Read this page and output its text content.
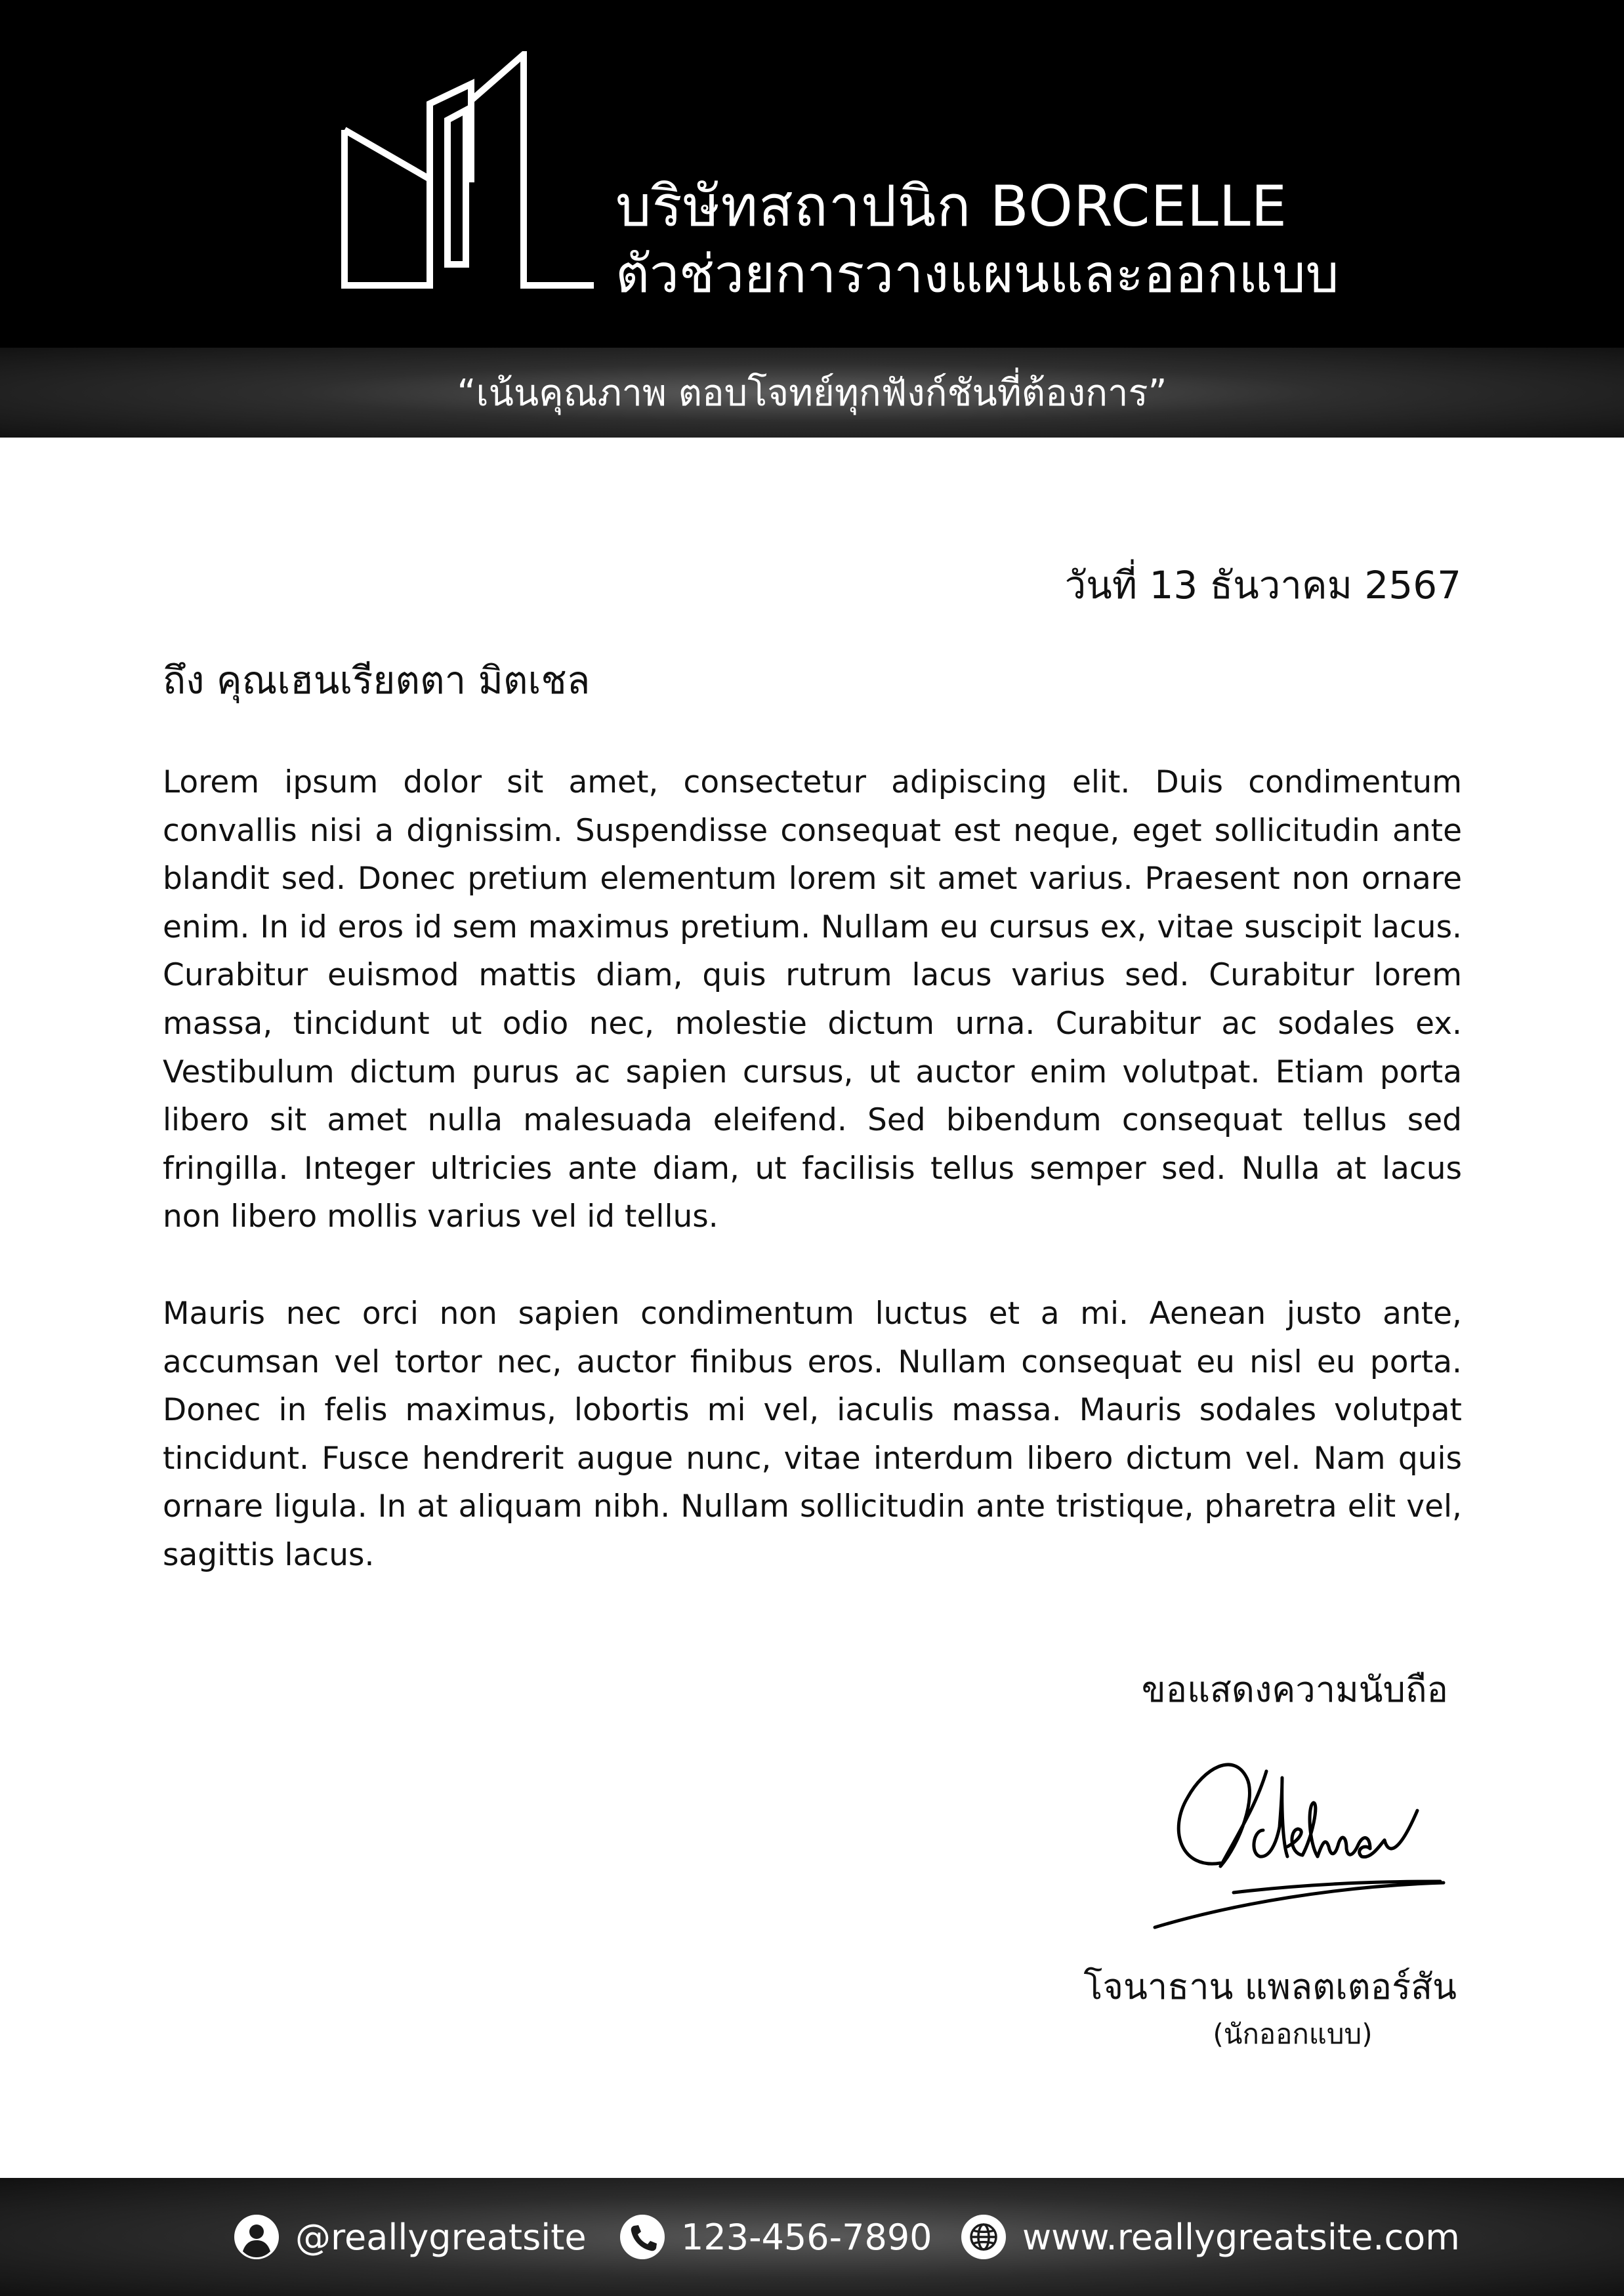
บริษัทสถาปนิก BORCELLE
ตัวช่วยการวางแผนและออกแบบ
“เน้นคุณภาพ ตอบโจทย์ทุกฟังก์ชันที่ต้องการ”
วันที่ 13 ธันวาคม 2567
ถึง คุณเฮนเรียตตา มิตเชล

Lorem ipsum dolor sit amet, consectetur adipiscing elit. Duis condimentum convallis nisi a dignissim. Suspendisse consequat est neque, eget sollicitudin ante blandit sed. Donec pretium elementum lorem sit amet varius. Praesent non ornare enim. In id eros id sem maximus pretium. Nullam eu cursus ex, vitae suscipit lacus. Curabitur euismod mattis diam, quis rutrum lacus varius sed. Curabitur lorem massa, tincidunt ut odio nec, molestie dictum urna. Curabitur ac sodales ex. Vestibulum dictum purus ac sapien cursus, ut auctor enim volutpat. Etiam porta libero sit amet nulla malesuada eleifend. Sed bibendum consequat tellus sed fringilla. Integer ultricies ante diam, ut facilisis tellus semper sed. Nulla at lacus non libero mollis varius vel id tellus.

Mauris nec orci non sapien condimentum luctus et a mi. Aenean justo ante, accumsan vel tortor nec, auctor finibus eros. Nullam consequat eu nisl eu porta. Donec in felis maximus, lobortis mi vel, iaculis massa. Mauris sodales volutpat tincidunt. Fusce hendrerit augue nunc, vitae interdum libero dictum vel. Nam quis ornare ligula. In at aliquam nibh. Nullam sollicitudin ante tristique, pharetra elit vel, sagittis lacus.

ขอแสดงความนับถือ
โจนาธาน แพลตเตอร์สัน
(นักออกแบบ)
@reallygreatsite	123-456-7890	www.reallygreatsite.com
